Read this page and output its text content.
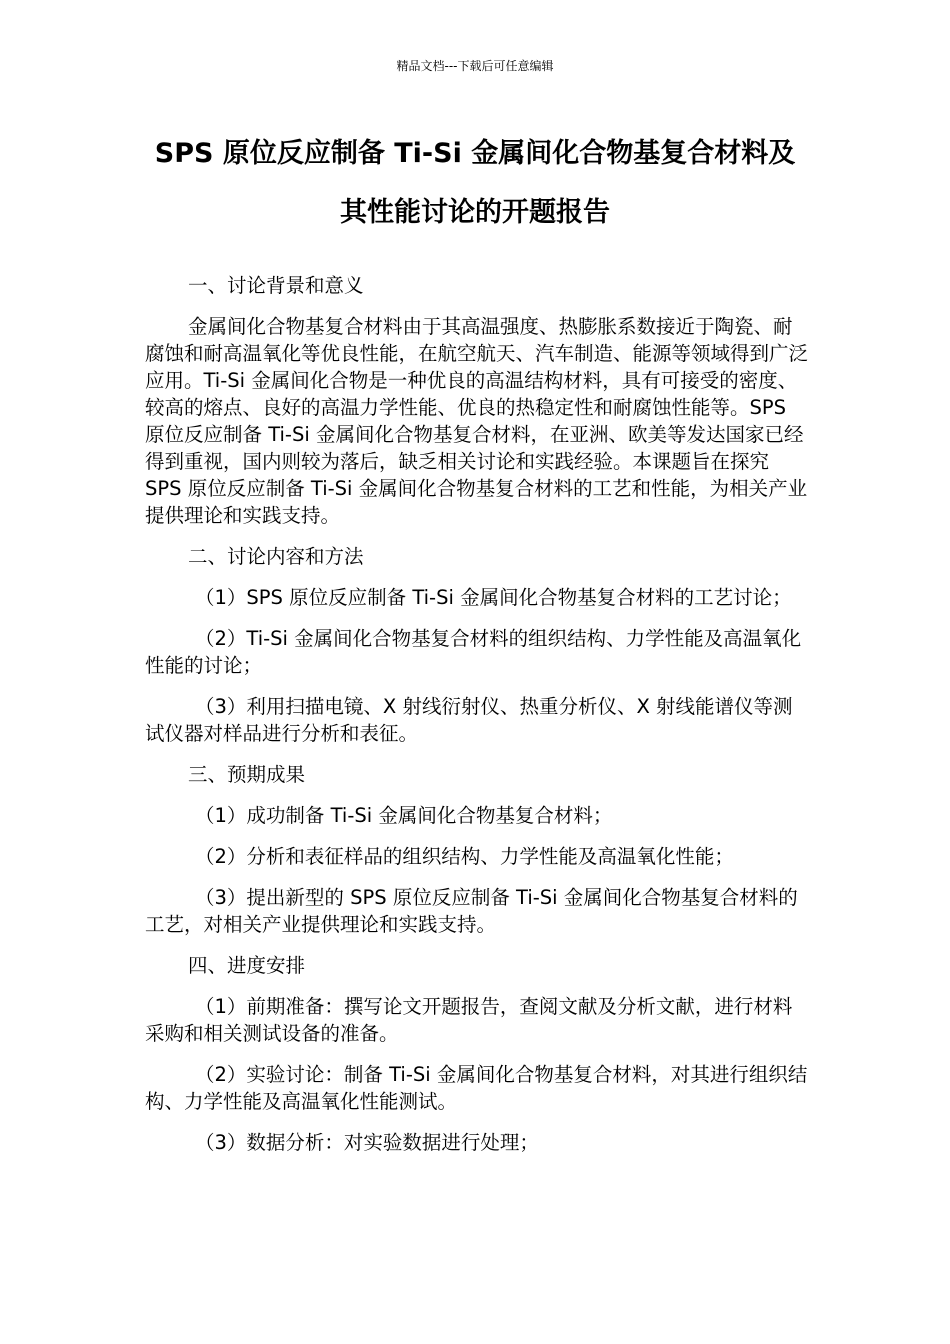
精品文档---下载后可任意编辑
SPS 原位反应制备 Ti-Si 金属间化合物基复合材料及
其性能讨论的开题报告

一、讨论背景和意义

金属间化合物基复合材料由于其高温强度、热膨胀系数接近于陶瓷、耐腐蚀和耐高温氧化等优良性能，在航空航天、汽车制造、能源等领域得到广泛应用。Ti-Si 金属间化合物是一种优良的高温结构材料，具有可接受的密度、较高的熔点、良好的高温力学性能、优良的热稳定性和耐腐蚀性能等。SPS 原位反应制备 Ti-Si 金属间化合物基复合材料，在亚洲、欧美等发达国家已经得到重视，国内则较为落后，缺乏相关讨论和实践经验。本课题旨在探究 SPS 原位反应制备 Ti-Si 金属间化合物基复合材料的工艺和性能，为相关产业提供理论和实践支持。

二、讨论内容和方法

（1）SPS 原位反应制备 Ti-Si 金属间化合物基复合材料的工艺讨论；

（2）Ti-Si 金属间化合物基复合材料的组织结构、力学性能及高温氧化性能的讨论；

（3）利用扫描电镜、X 射线衍射仪、热重分析仪、X 射线能谱仪等测试仪器对样品进行分析和表征。

三、预期成果

（1）成功制备 Ti-Si 金属间化合物基复合材料；

（2）分析和表征样品的组织结构、力学性能及高温氧化性能；

（3）提出新型的 SPS 原位反应制备 Ti-Si 金属间化合物基复合材料的工艺，对相关产业提供理论和实践支持。

四、进度安排

（1）前期准备：撰写论文开题报告，查阅文献及分析文献，进行材料采购和相关测试设备的准备。

（2）实验讨论：制备 Ti-Si 金属间化合物基复合材料，对其进行组织结构、力学性能及高温氧化性能测试。

（3）数据分析：对实验数据进行处理；
